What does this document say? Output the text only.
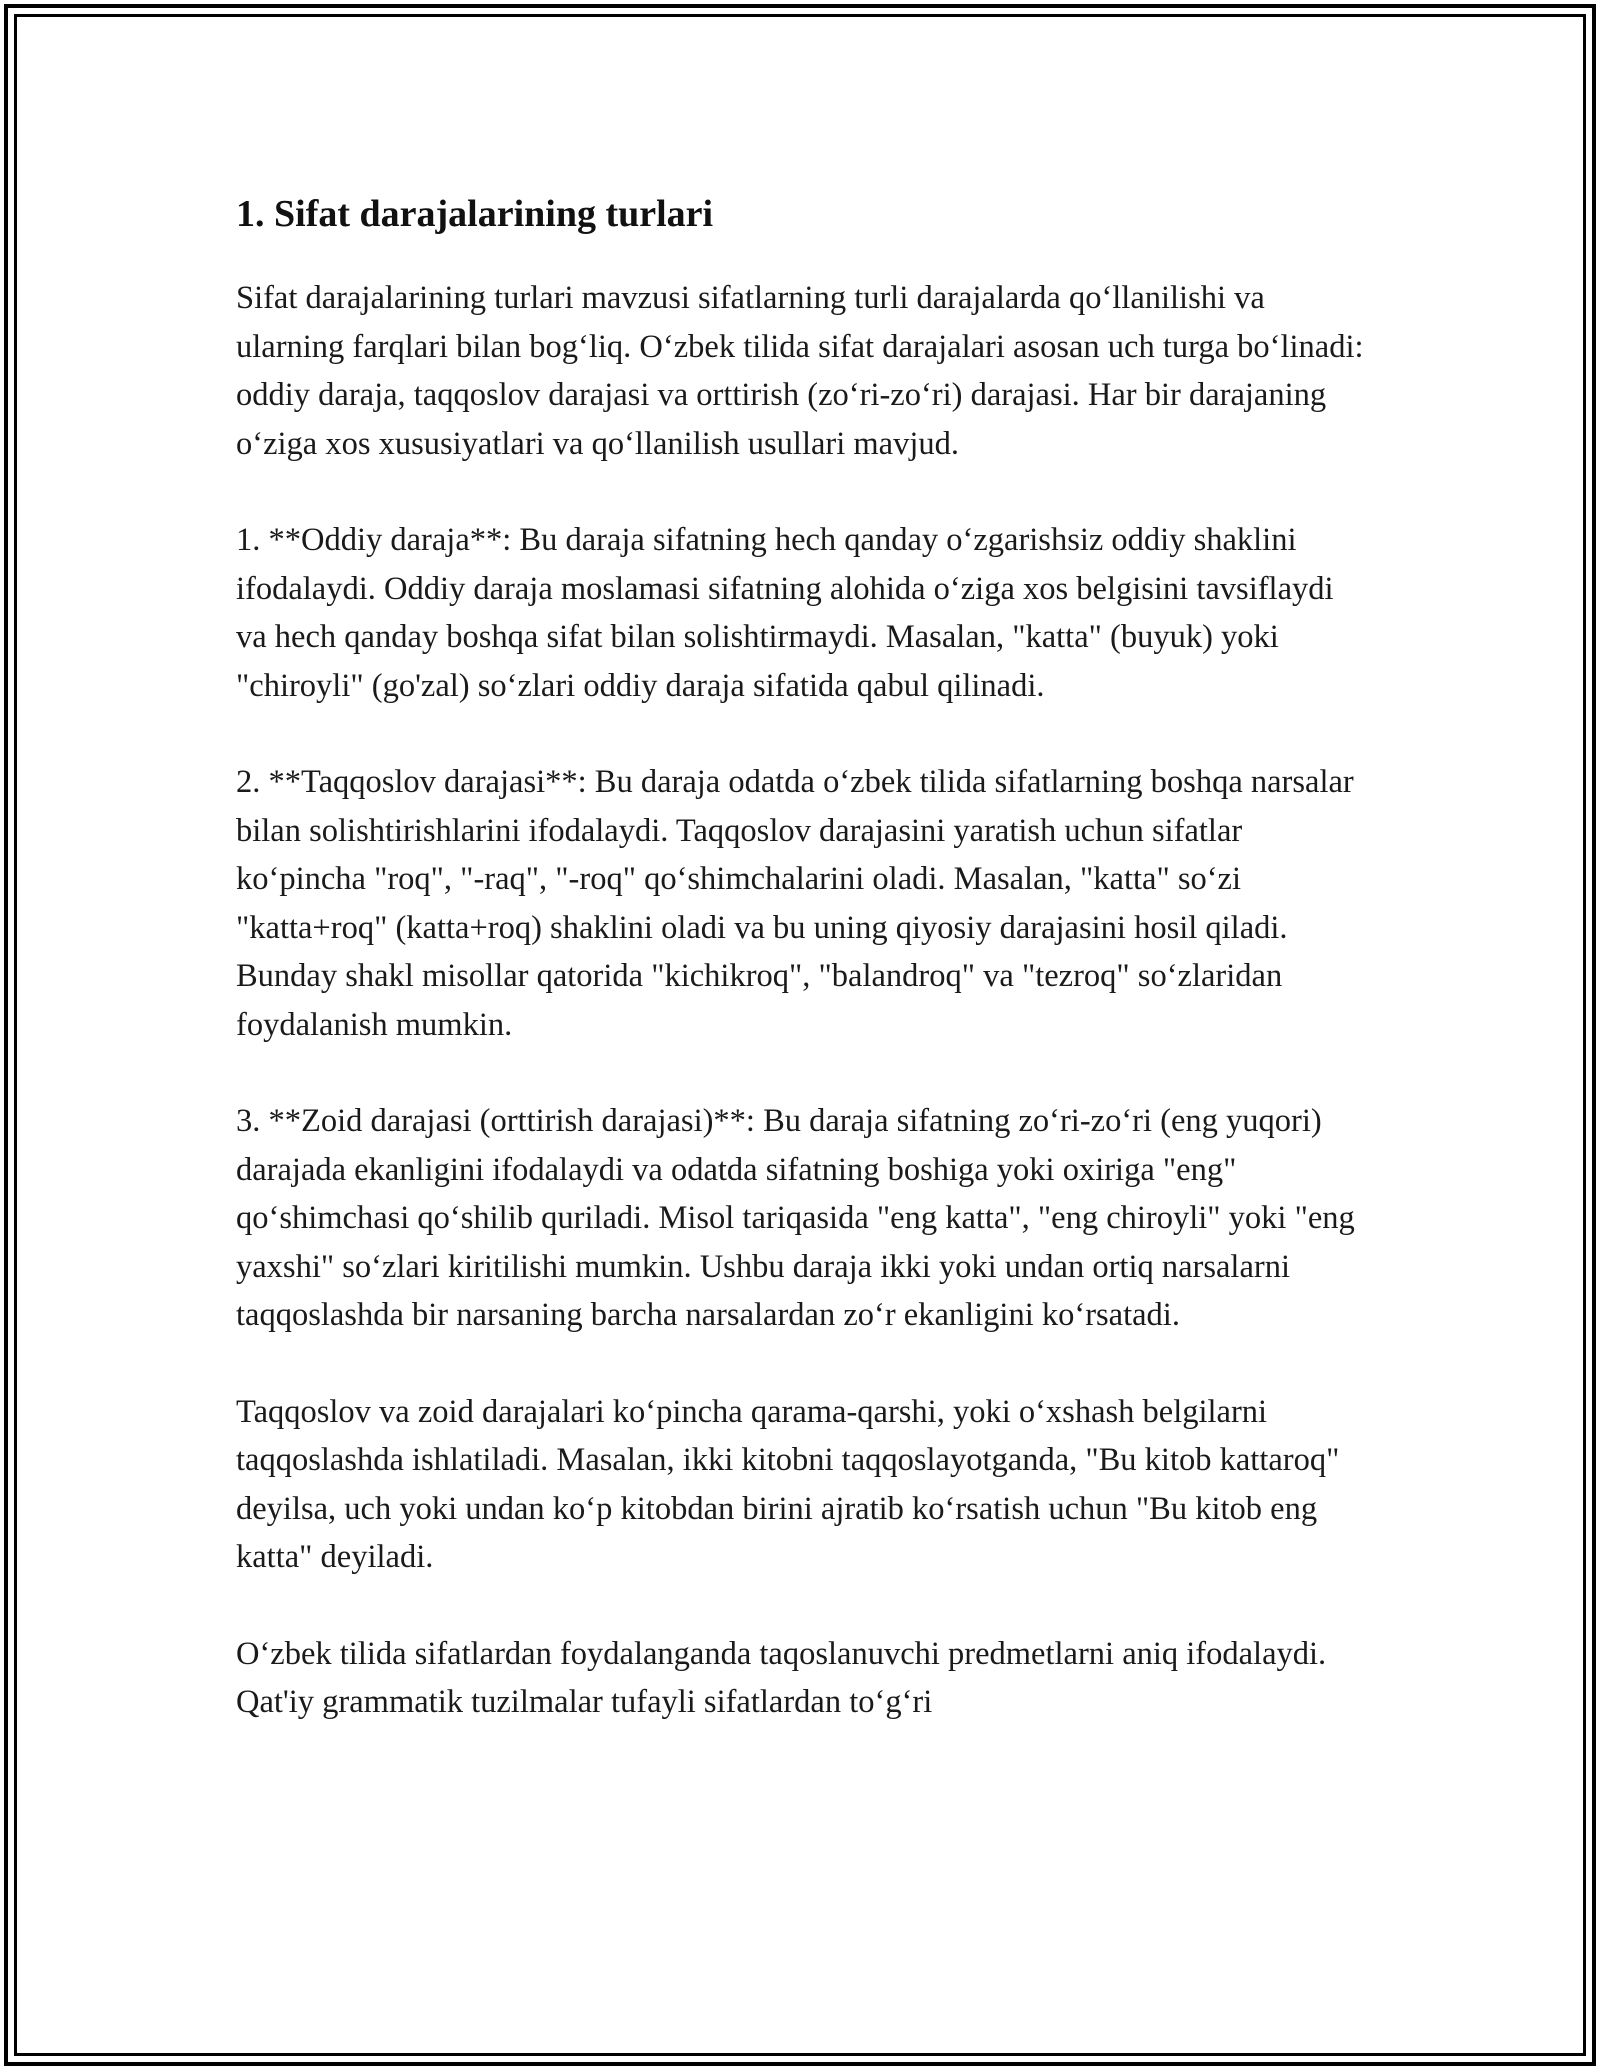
1. Sifat darajalarining turlari

Sifat darajalarining turlari mavzusi sifatlarning turli darajalarda qo‘llanilishi va ularning farqlari bilan bog‘liq. O‘zbek tilida sifat darajalari asosan uch turga bo‘linadi: oddiy daraja, taqqoslov darajasi va orttirish (zo‘ri-zo‘ri) darajasi. Har bir darajaning o‘ziga xos xususiyatlari va qo‘llanilish usullari mavjud.

1. **Oddiy daraja**: Bu daraja sifatning hech qanday o‘zgarishsiz oddiy shaklini ifodalaydi. Oddiy daraja moslamasi sifatning alohida o‘ziga xos belgisini tavsiflaydi va hech qanday boshqa sifat bilan solishtirmaydi. Masalan, "katta" (buyuk) yoki "chiroyli" (go'zal) so‘zlari oddiy daraja sifatida qabul qilinadi.

2. **Taqqoslov darajasi**: Bu daraja odatda o‘zbek tilida sifatlarning boshqa narsalar bilan solishtirishlarini ifodalaydi. Taqqoslov darajasini yaratish uchun sifatlar ko‘pincha "roq", "-raq", "-roq" qo‘shimchalarini oladi. Masalan, "katta" so‘zi "katta+roq" (katta+roq) shaklini oladi va bu uning qiyosiy darajasini hosil qiladi. Bunday shakl misollar qatorida "kichikroq", "balandroq" va "tezroq" so‘zlaridan foydalanish mumkin.

3. **Zoid darajasi (orttirish darajasi)**: Bu daraja sifatning zo‘ri-zo‘ri (eng yuqori) darajada ekanligini ifodalaydi va odatda sifatning boshiga yoki oxiriga "eng" qo‘shimchasi qo‘shilib quriladi. Misol tariqasida "eng katta", "eng chiroyli" yoki "eng yaxshi" so‘zlari kiritilishi mumkin. Ushbu daraja ikki yoki undan ortiq narsalarni taqqoslashda bir narsaning barcha narsalardan zo‘r ekanligini ko‘rsatadi.

Taqqoslov va zoid darajalari ko‘pincha qarama-qarshi, yoki o‘xshash belgilarni taqqoslashda ishlatiladi. Masalan, ikki kitobni taqqoslayotganda, "Bu kitob kattaroq" deyilsa, uch yoki undan ko‘p kitobdan birini ajratib ko‘rsatish uchun "Bu kitob eng katta" deyiladi.

O‘zbek tilida sifatlardan foydalanganda taqoslanuvchi predmetlarni aniq ifodalaydi. Qat'iy grammatik tuzilmalar tufayli sifatlardan to‘g‘ri
